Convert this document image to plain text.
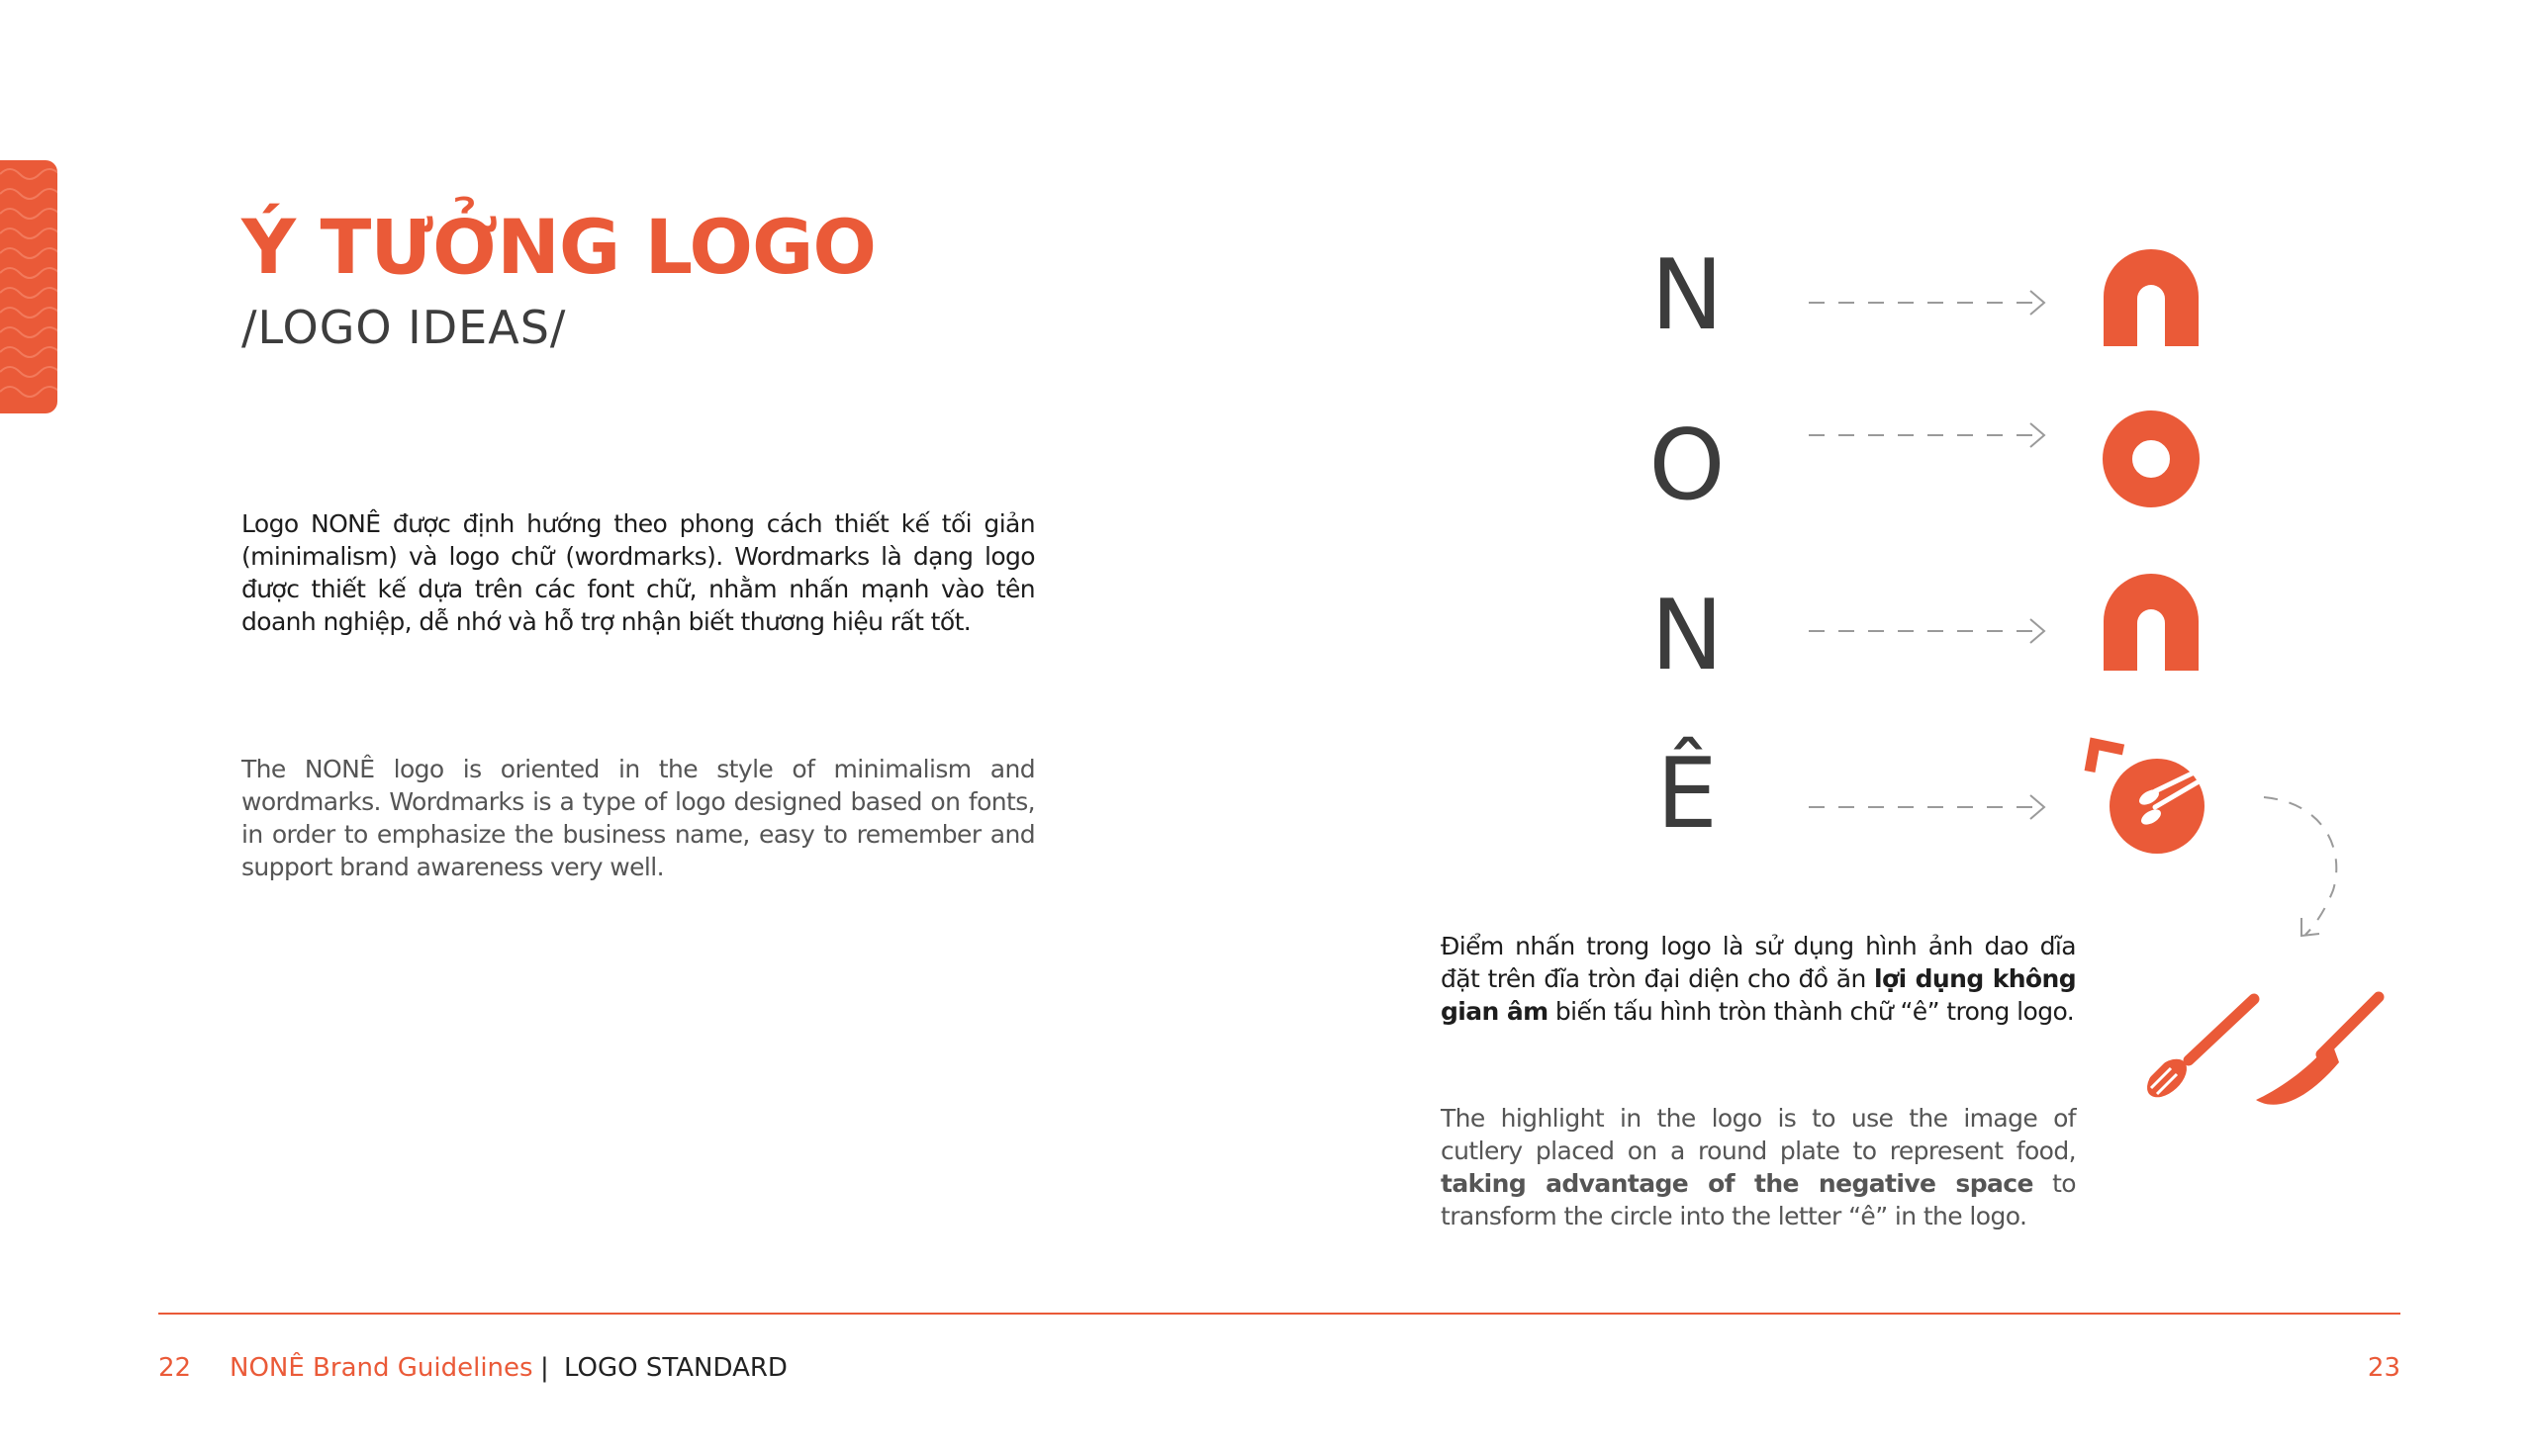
Ý TƯỞNG LOGO
/LOGO IDEAS/

Logo NONÊ được định hướng theo phong cách thiết kế tối giản (minimalism) và logo chữ (wordmarks). Wordmarks là dạng logo được thiết kế dựa trên các font chữ, nhằm nhấn mạnh vào tên doanh nghiệp, dễ nhớ và hỗ trợ nhận biết thương hiệu rất tốt.

The NONÊ logo is oriented in the style of minimalism and wordmarks. Wordmarks is a type of logo designed based on fonts, in order to emphasize the business name, easy to remember and support brand awareness very well.

N
O
N
Ê

Điểm nhấn trong logo là sử dụng hình ảnh dao dĩa đặt trên đĩa tròn đại diện cho đồ ăn lợi dụng không gian âm biến tấu hình tròn thành chữ “ê” trong logo.

The highlight in the logo is to use the image of cutlery placed on a round plate to represent food, taking advantage of the negative space to transform the circle into the letter “ê” in the logo.

22 NONÊ Brand Guidelines | LOGO STANDARD	23
